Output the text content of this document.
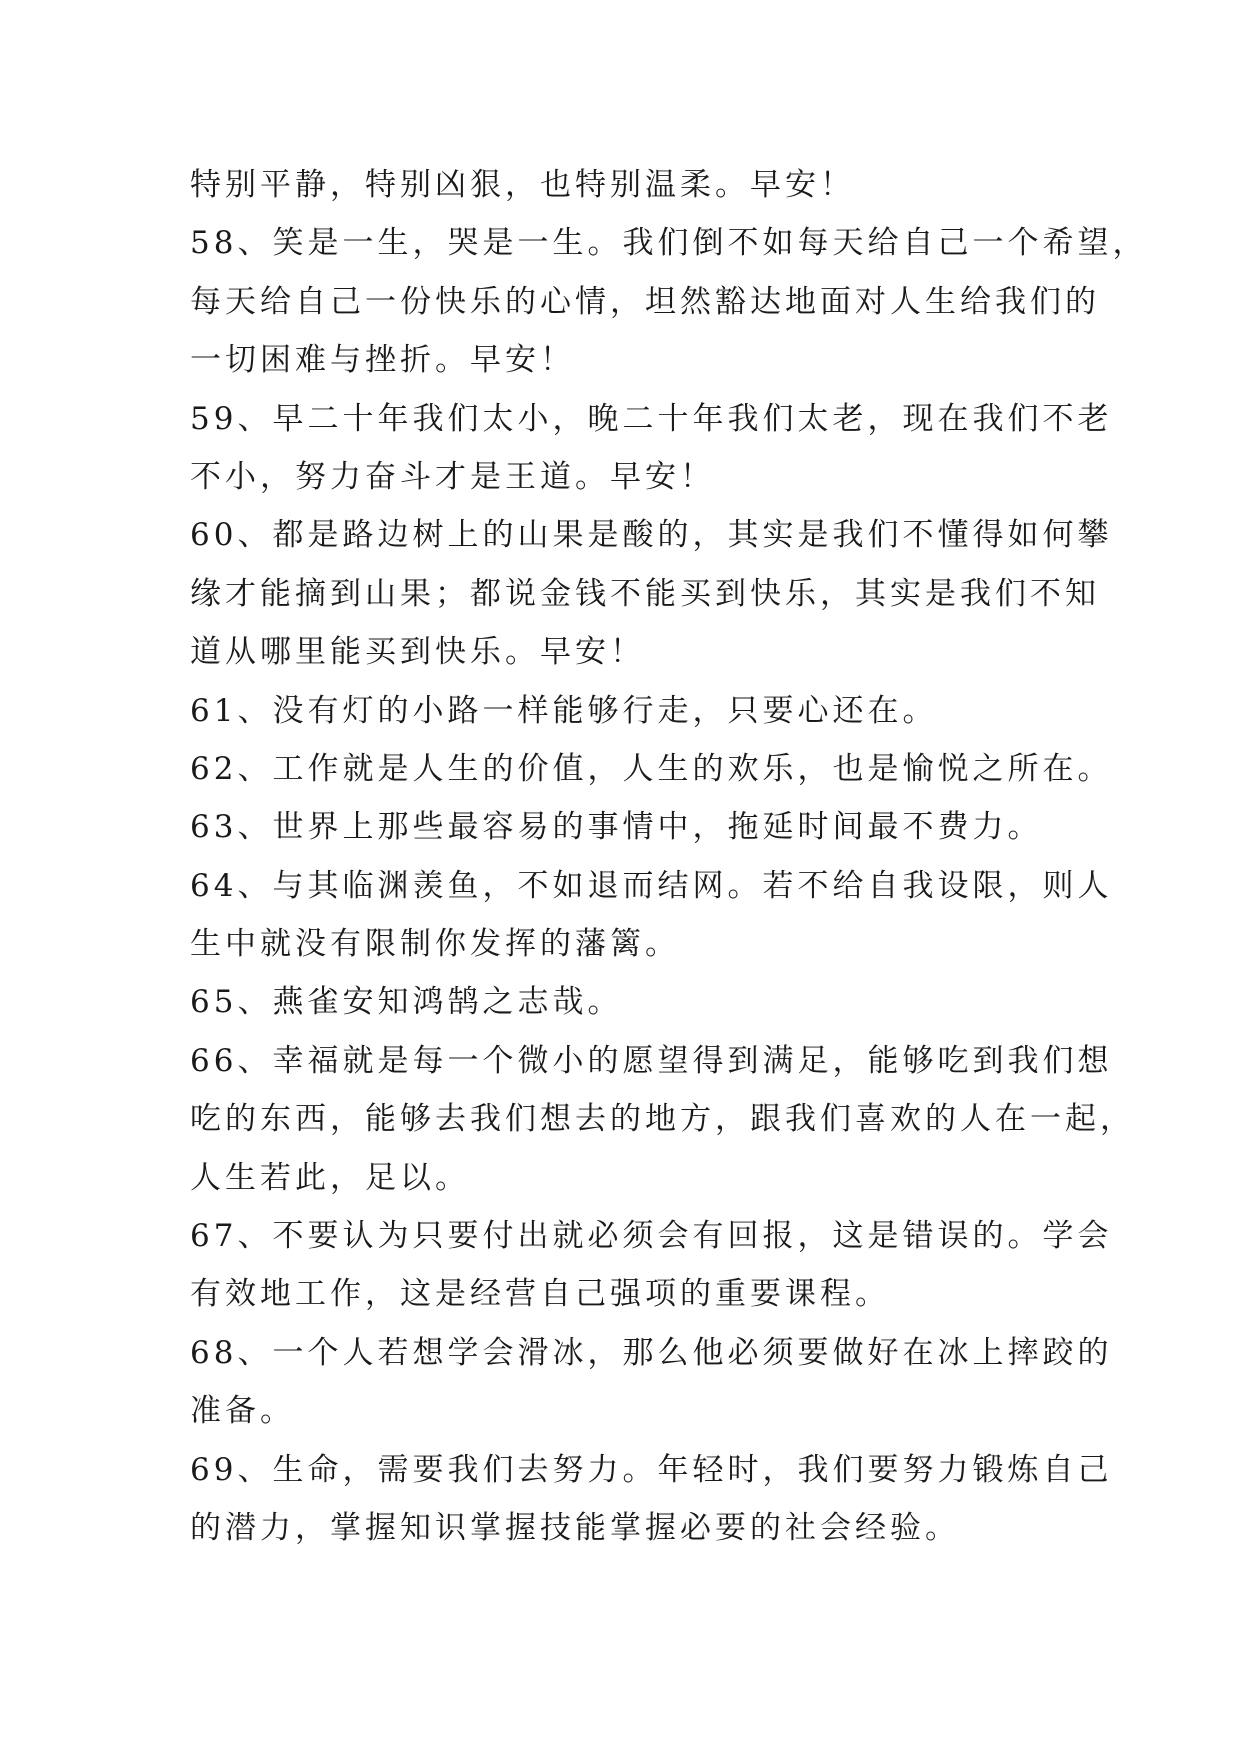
特别平静，特别凶狠，也特别温柔。早安！
58、笑是一生，哭是一生。我们倒不如每天给自己一个希望，
每天给自己一份快乐的心情，坦然豁达地面对人生给我们的
一切困难与挫折。早安！
59、早二十年我们太小，晚二十年我们太老，现在我们不老
不小，努力奋斗才是王道。早安！
60、都是路边树上的山果是酸的，其实是我们不懂得如何攀
缘才能摘到山果；都说金钱不能买到快乐，其实是我们不知
道从哪里能买到快乐。早安！
61、没有灯的小路一样能够行走，只要心还在。
62、工作就是人生的价值，人生的欢乐，也是愉悦之所在。
63、世界上那些最容易的事情中，拖延时间最不费力。
64、与其临渊羡鱼，不如退而结网。若不给自我设限，则人
生中就没有限制你发挥的藩篱。
65、燕雀安知鸿鹄之志哉。
66、幸福就是每一个微小的愿望得到满足，能够吃到我们想
吃的东西，能够去我们想去的地方，跟我们喜欢的人在一起，
人生若此，足以。
67、不要认为只要付出就必须会有回报，这是错误的。学会
有效地工作，这是经营自己强项的重要课程。
68、一个人若想学会滑冰，那么他必须要做好在冰上摔跤的
准备。
69、生命，需要我们去努力。年轻时，我们要努力锻炼自己
的潜力，掌握知识掌握技能掌握必要的社会经验。
